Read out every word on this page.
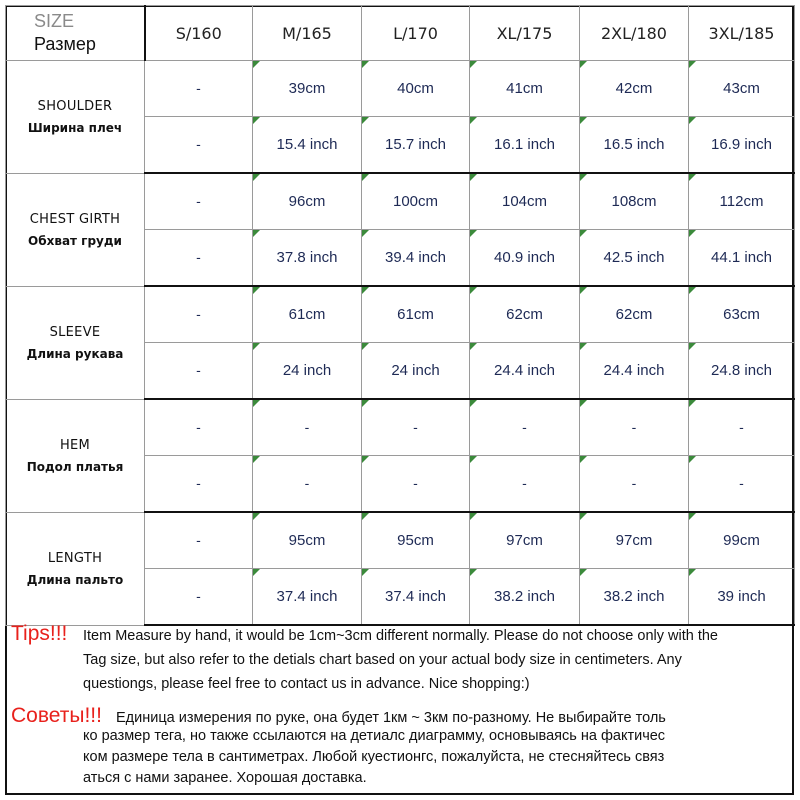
SIZE
Размер	S/160	M/165	L/170	XL/175	2XL/180	3XL/185

SHOULDER
Ширина плеч	-	39cm	40cm	41cm	42cm	43cm
	-	15.4 inch	15.7 inch	16.1 inch	16.5 inch	16.9 inch

CHEST GIRTH
Обхват груди	-	96cm	100cm	104cm	108cm	112cm
	-	37.8 inch	39.4 inch	40.9 inch	42.5 inch	44.1 inch

SLEEVE
Длина рукава	-	61cm	61cm	62cm	62cm	63cm
	-	24 inch	24 inch	24.4 inch	24.4 inch	24.8 inch

HEM
Подол платья	-	-	-	-	-	-
	-	-	-	-	-	-

LENGTH
Длина пальто	-	95cm	95cm	97cm	97cm	99cm
	-	37.4 inch	37.4 inch	38.2 inch	38.2 inch	39 inch
Tips!!! Item Measure by hand, it would be 1cm~3cm different normally. Please do not choose only with the
Tag size, but also refer to the detials chart based on your actual body size in centimeters. Any
questiongs, please feel free to contact us in advance. Nice shopping:)
Советы!!! Единица измерения по руке, она будет 1км ~ 3км по-разному. Не выбирайте толь
ко размер тега, но также ссылаются на детиалс диаграмму, основываясь на фактичес
ком размере тела в сантиметрах. Любой куестионгс, пожалуйста, не стесняйтесь связ
аться с нами заранее. Хорошая доставка.
